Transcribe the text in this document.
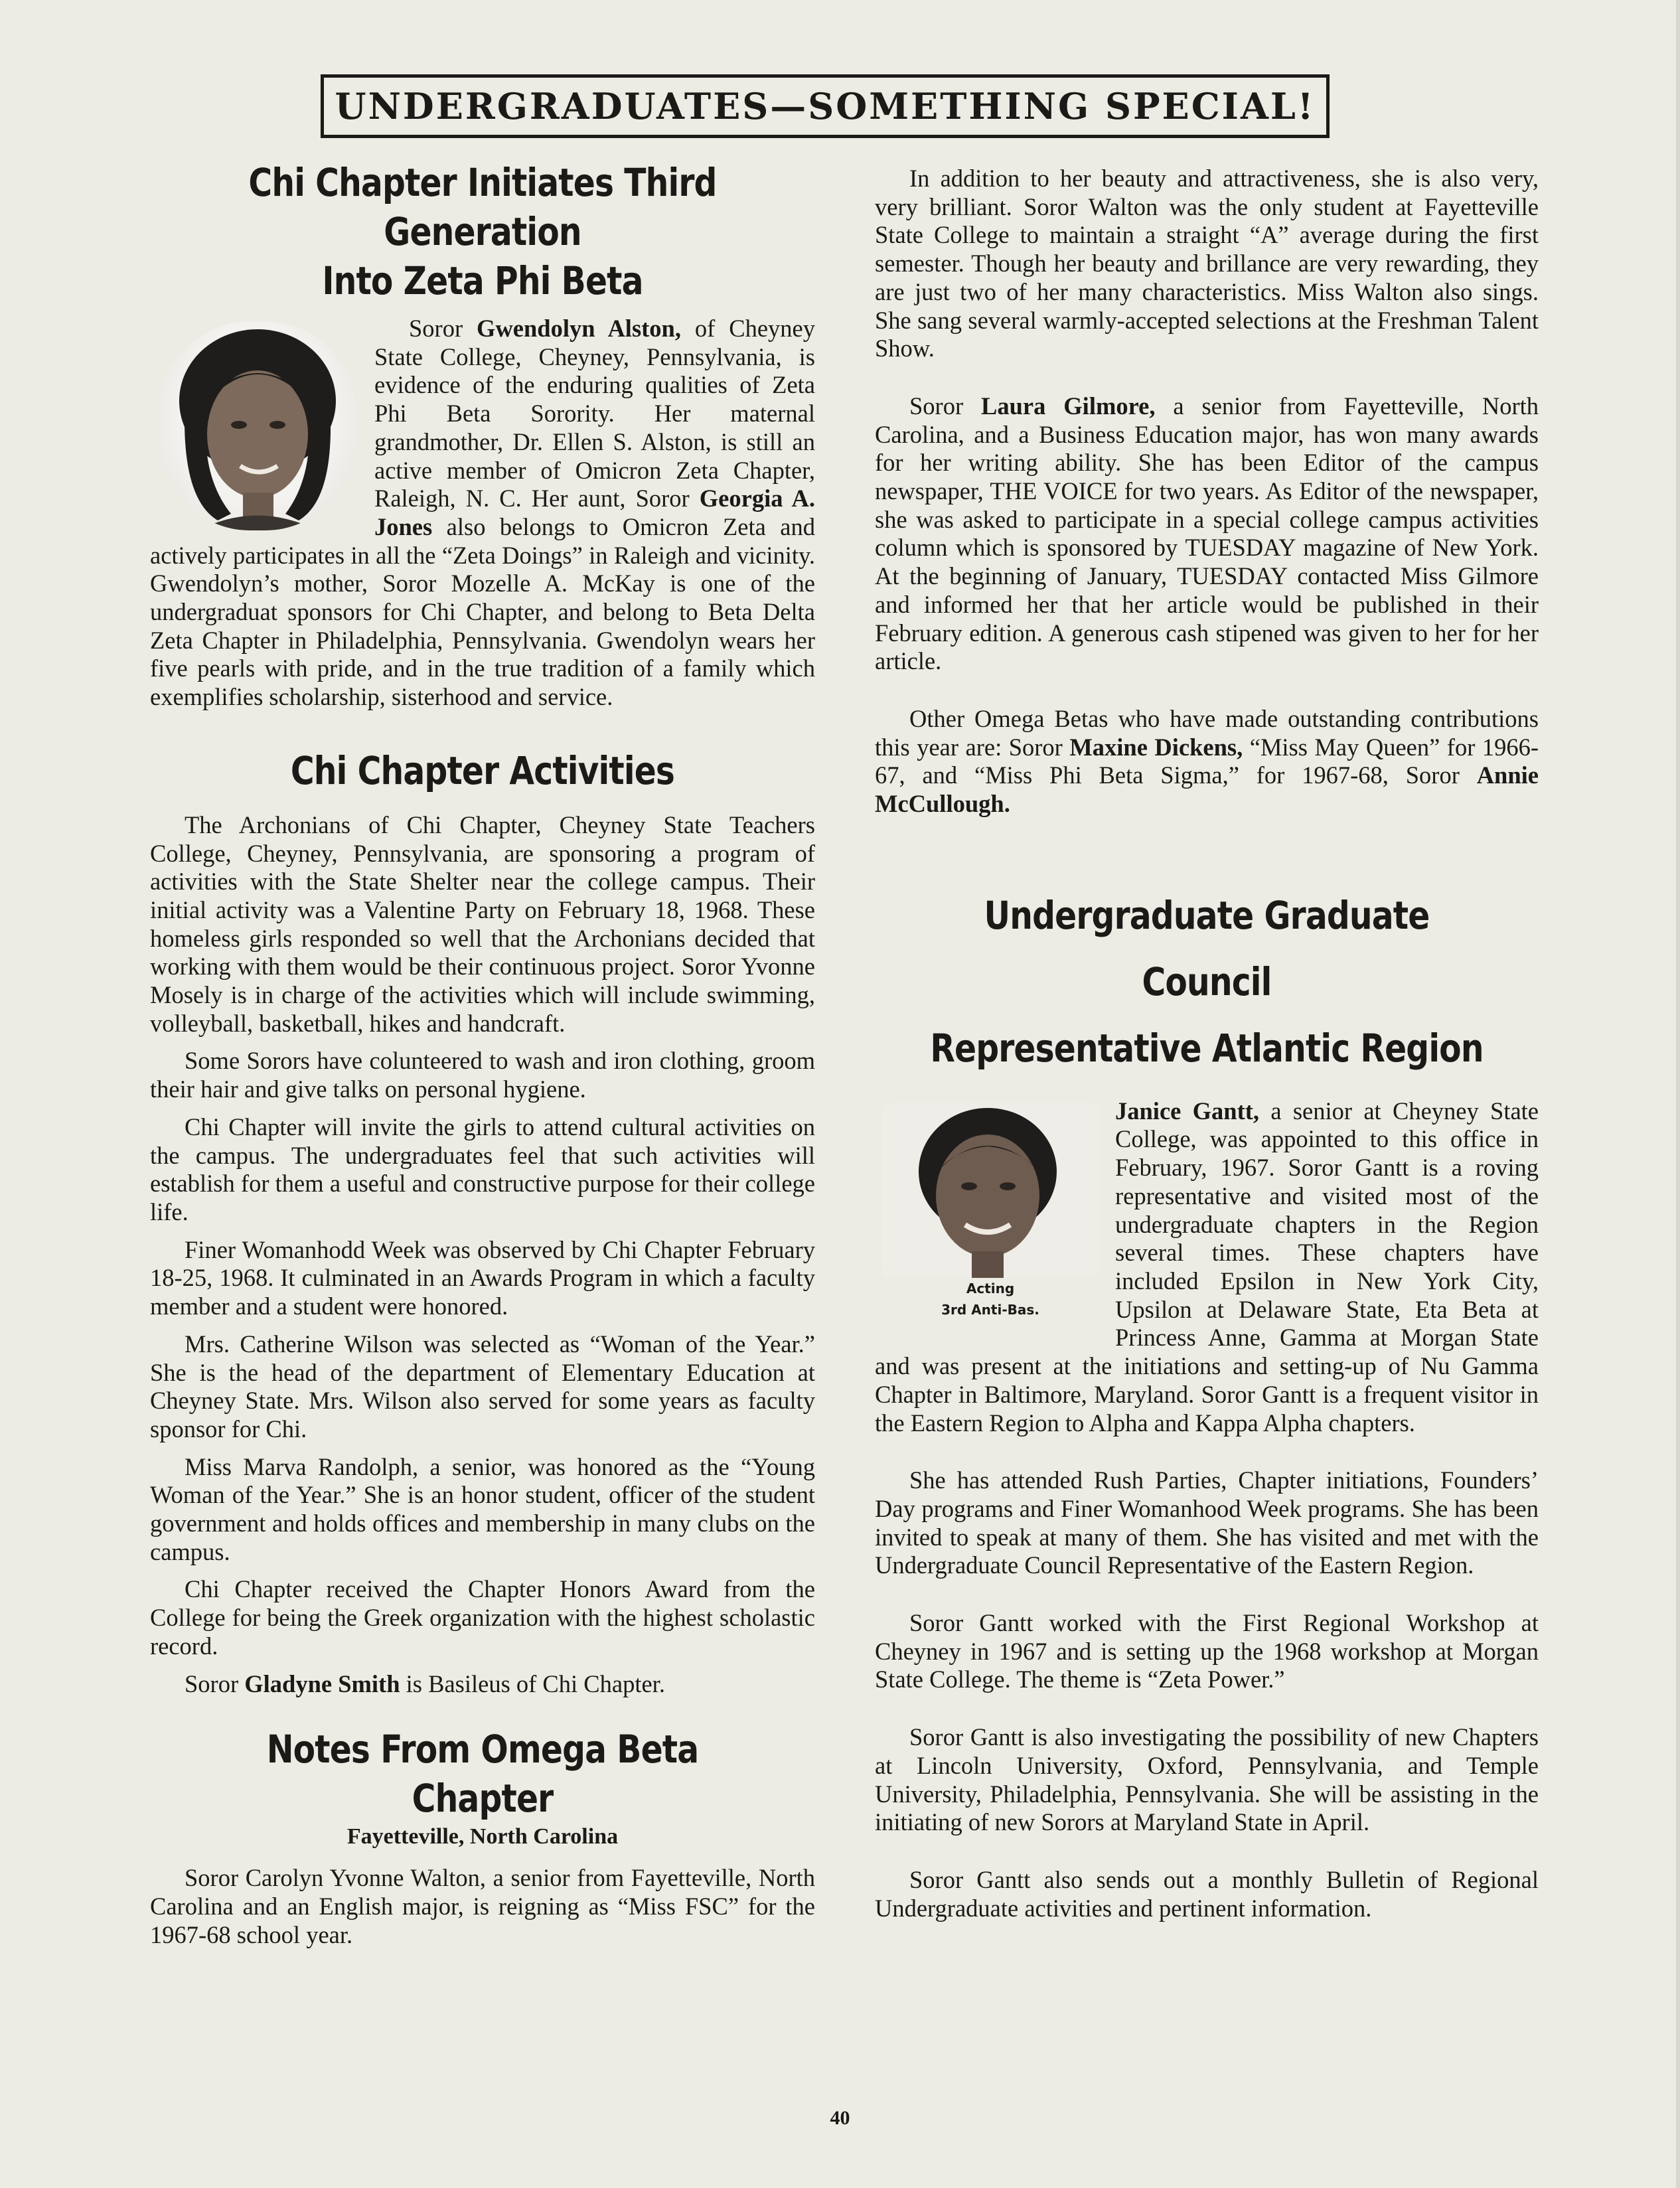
UNDERGRADUATES—SOMETHING SPECIAL!
Chi Chapter Initiates Third Generation
Into Zeta Phi Beta

Soror Gwendolyn Alston, of Cheyney State College, Cheyney, Pennsylvania, is evidence of the enduring qualities of Zeta Phi Beta Sorority. Her maternal grandmother, Dr. Ellen S. Alston, is still an active member of Omicron Zeta Chapter, Raleigh, N. C. Her aunt, Soror Georgia A. Jones also belongs to Omicron Zeta and actively participates in all the “Zeta Doings” in Raleigh and vicinity. Gwendolyn’s mother, Soror Mozelle A. McKay is one of the undergraduat sponsors for Chi Chapter, and belong to Beta Delta Zeta Chapter in Philadelphia, Pennsylvania. Gwendolyn wears her five pearls with pride, and in the true tradition of a family which exemplifies scholarship, sisterhood and service.

Chi Chapter Activities

The Archonians of Chi Chapter, Cheyney State Teachers College, Cheyney, Pennsylvania, are sponsoring a program of activities with the State Shelter near the college campus. Their initial activity was a Valentine Party on February 18, 1968. These homeless girls responded so well that the Archonians decided that working with them would be their continuous project. Soror Yvonne Mosely is in charge of the activities which will include swimming, volleyball, basketball, hikes and handcraft.

Some Sorors have colunteered to wash and iron clothing, groom their hair and give talks on personal hygiene.

Chi Chapter will invite the girls to attend cultural activities on the campus. The undergraduates feel that such activities will establish for them a useful and constructive purpose for their college life.

Finer Womanhodd Week was observed by Chi Chapter February 18-25, 1968. It culminated in an Awards Program in which a faculty member and a student were honored.

Mrs. Catherine Wilson was selected as “Woman of the Year.” She is the head of the department of Elementary Education at Cheyney State. Mrs. Wilson also served for some years as faculty sponsor for Chi.

Miss Marva Randolph, a senior, was honored as the “Young Woman of the Year.” She is an honor student, officer of the student government and holds offices and membership in many clubs on the campus.

Chi Chapter received the Chapter Honors Award from the College for being the Greek organization with the highest scholastic record.

Soror Gladyne Smith is Basileus of Chi Chapter.

Notes From Omega Beta Chapter
Fayetteville, North Carolina

Soror Carolyn Yvonne Walton, a senior from Fayetteville, North Carolina and an English major, is reigning as “Miss FSC” for the 1967-68 school year.

In addition to her beauty and attractiveness, she is also very, very brilliant. Soror Walton was the only student at Fayetteville State College to maintain a straight “A” average during the first semester. Though her beauty and brillance are very rewarding, they are just two of her many characteristics. Miss Walton also sings. She sang several warmly-accepted selections at the Freshman Talent Show.

Soror Laura Gilmore, a senior from Fayetteville, North Carolina, and a Business Education major, has won many awards for her writing ability. She has been Editor of the campus newspaper, THE VOICE for two years. As Editor of the newspaper, she was asked to participate in a special college campus activities column which is sponsored by TUESDAY magazine of New York. At the beginning of January, TUESDAY contacted Miss Gilmore and informed her that her article would be published in their February edition. A generous cash stipened was given to her for her article.

Other Omega Betas who have made outstanding contributions this year are: Soror Maxine Dickens, “Miss May Queen” for 1966-67, and “Miss Phi Beta Sigma,” for 1967-68, Soror Annie McCullough.

Undergraduate Graduate Council
Representative Atlantic Region
Acting
3rd Anti-Bas.

Janice Gantt, a senior at Cheyney State College, was appointed to this office in February, 1967. Soror Gantt is a roving representative and visited most of the undergraduate chapters in the Region several times. These chapters have included Epsilon in New York City, Upsilon at Delaware State, Eta Beta at Princess Anne, Gamma at Morgan State and was present at the initiations and setting-up of Nu Gamma Chapter in Baltimore, Maryland. Soror Gantt is a frequent visitor in the Eastern Region to Alpha and Kappa Alpha chapters.

She has attended Rush Parties, Chapter initiations, Founders’ Day programs and Finer Womanhood Week programs. She has been invited to speak at many of them. She has visited and met with the Undergraduate Council Representative of the Eastern Region.

Soror Gantt worked with the First Regional Workshop at Cheyney in 1967 and is setting up the 1968 workshop at Morgan State College. The theme is “Zeta Power.”

Soror Gantt is also investigating the possibility of new Chapters at Lincoln University, Oxford, Pennsylvania, and Temple University, Philadelphia, Pennsylvania. She will be assisting in the initiating of new Sorors at Maryland State in April.

Soror Gantt also sends out a monthly Bulletin of Regional Undergraduate activities and pertinent information.

40
